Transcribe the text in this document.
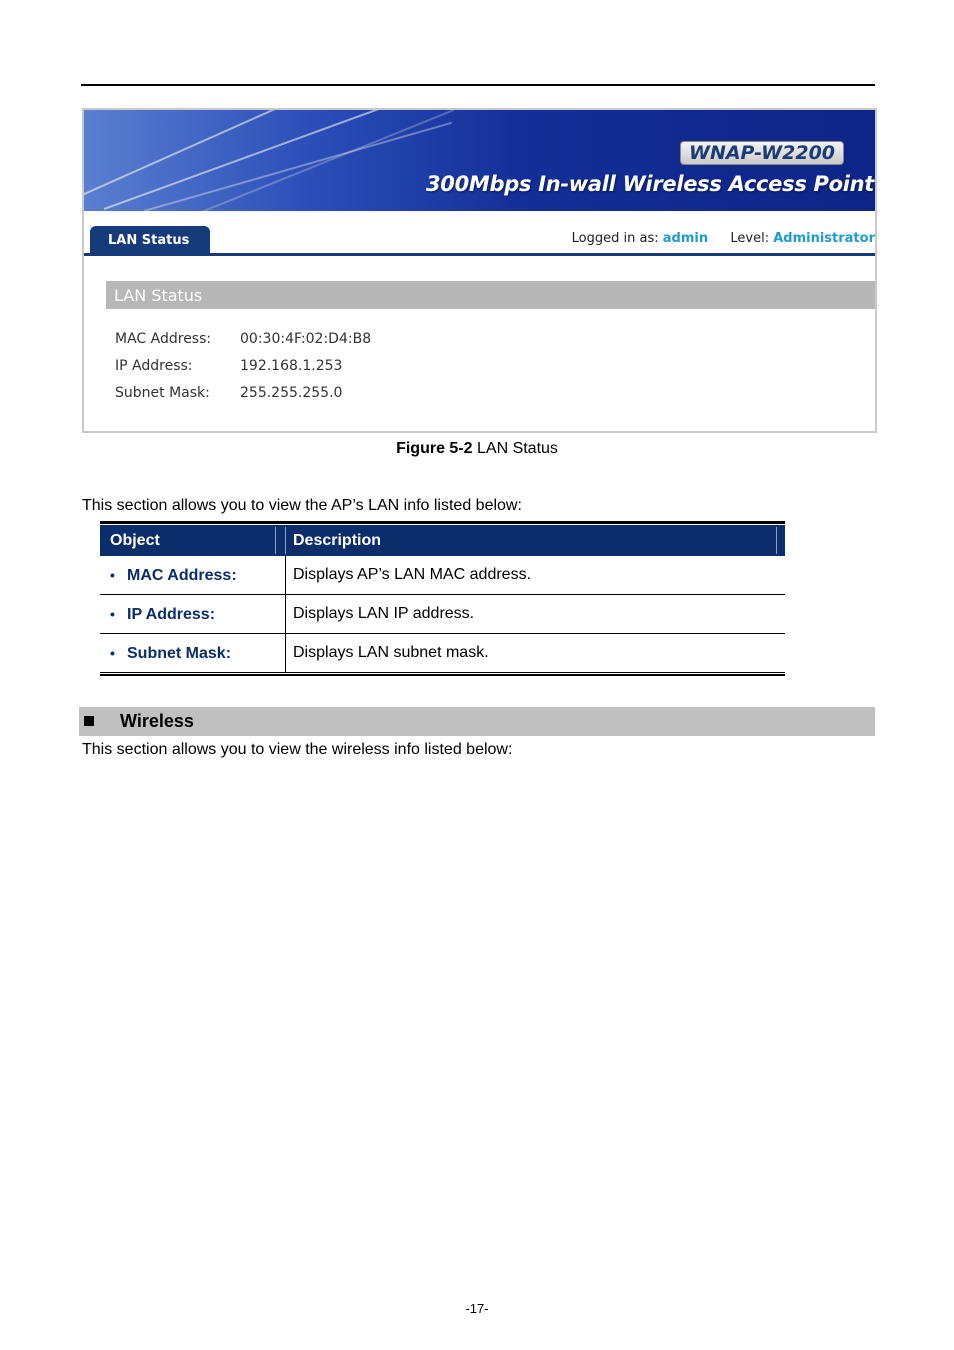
WNAP-W2200
300Mbps In-wall Wireless Access Point
LAN Status	Logged in as: admin Level: Administrator
LAN Status
MAC Address: 00:30:4F:02:D4:B8
IP Address:	192.168.1.253
Subnet Mask: 255.255.255.0
Figure 5-2 LAN Status
This section allows you to view the AP’s LAN info listed below:
Object	Description
• MAC Address:	Displays AP’s LAN MAC address.
• IP Address:	Displays LAN IP address.
• Subnet Mask:	Displays LAN subnet mask.
Wireless
This section allows you to view the wireless info listed below:
-17-
